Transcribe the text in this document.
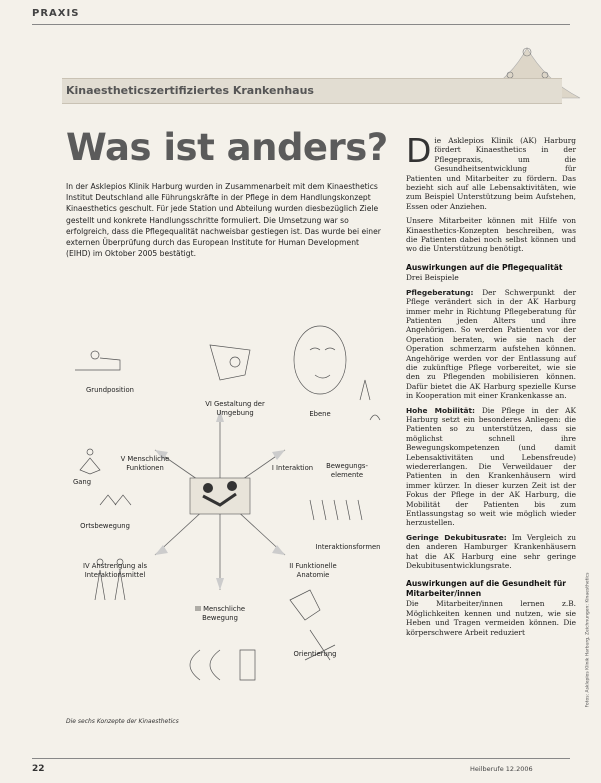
PRAXIS
Kinaestheticszertifiziertes Krankenhaus
Was ist anders?
In der Asklepios Klinik Harburg wurden in Zusammenarbeit mit dem Kinaesthetics Institut Deutschland alle Führungskräfte in der Pflege in dem Handlungskonzept Kinaesthetics geschult. Für jede Station und Abteilung wurden diesbezüglich Ziele gestellt und konkrete Handlungsschritte formuliert. Die Umsetzung war so erfolgreich, dass die Pflegequalität nachweisbar gestiegen ist. Das wurde bei einer externen Überprüfung durch das European Institute for Human Development (EIHD) im Oktober 2005 bestätigt.
Grundposition
VI Gestaltung der Umgebung	Ebene
V Menschliche Funktionen	I Interaktion	Bewegungs-elemente
Gang
Ortsbewegung
Interaktionsformen
IV Anstrengung als Interaktionsmittel
II Funktionelle Anatomie
III Menschliche Bewegung
Orientierung
Die sechs Konzepte der Kinaesthetics

Die Asklepios Klinik (AK) Harburg fördert Kinaesthetics in der Pflegepraxis, um die Gesundheitsentwicklung für Patienten und Mitarbeiter zu fördern. Das bezieht sich auf alle Lebensaktivitäten, wie zum Beispiel Unterstützung beim Aufstehen, Essen oder Anziehen.

Unsere Mitarbeiter können mit Hilfe von Kinaesthetics-Konzepten beschreiben, was die Patienten dabei noch selbst können und wo die Unterstützung benötigt.

Auswirkungen auf die Pflegequalität

Drei Beispiele

Pflegeberatung: Der Schwerpunkt der Pflege verändert sich in der AK Harburg immer mehr in Richtung Pflegeberatung für Patienten jeden Alters und ihre Angehörigen. So werden Patienten vor der Operation beraten, wie sie nach der Operation schmerzarm aufstehen können. Angehörige werden vor der Entlassung auf die zukünftige Pflege vorbereitet, wie sie den zu Pflegenden mobilisieren können. Dafür bietet die AK Harburg spezielle Kurse in Kooperation mit einer Krankenkasse an.

Hohe Mobilität: Die Pflege in der AK Harburg setzt ein besonderes Anliegen: die Patienten so zu unterstützen, dass sie möglichst schnell ihre Bewegungskompetenzen (und damit Lebensaktivitäten und Lebensfreude) wiedererlangen. Die Verweildauer der Patienten in den Krankenhäusern wird immer kürzer. In dieser kurzen Zeit ist der Fokus der Pflege in der AK Harburg, die Mobilität der Patienten bis zum Entlassungstag so weit wie möglich wieder herzustellen.

Geringe Dekubitusrate: Im Vergleich zu den anderen Hamburger Krankenhäusern hat die AK Harburg eine sehr geringe Dekubitusentwicklungsrate.

Auswirkungen auf die Gesundheit für Mitarbeiter/innen

Die Mitarbeiter/innen lernen z.B. Möglichkeiten kennen und nutzen, wie sie Heben und Tragen vermeiden können. Die körperschwere Arbeit reduziert	Fotos: Asklepios Klinik Harburg, Zeichnungen: Kinaesthetics
22	Heilberufe 12.2006
